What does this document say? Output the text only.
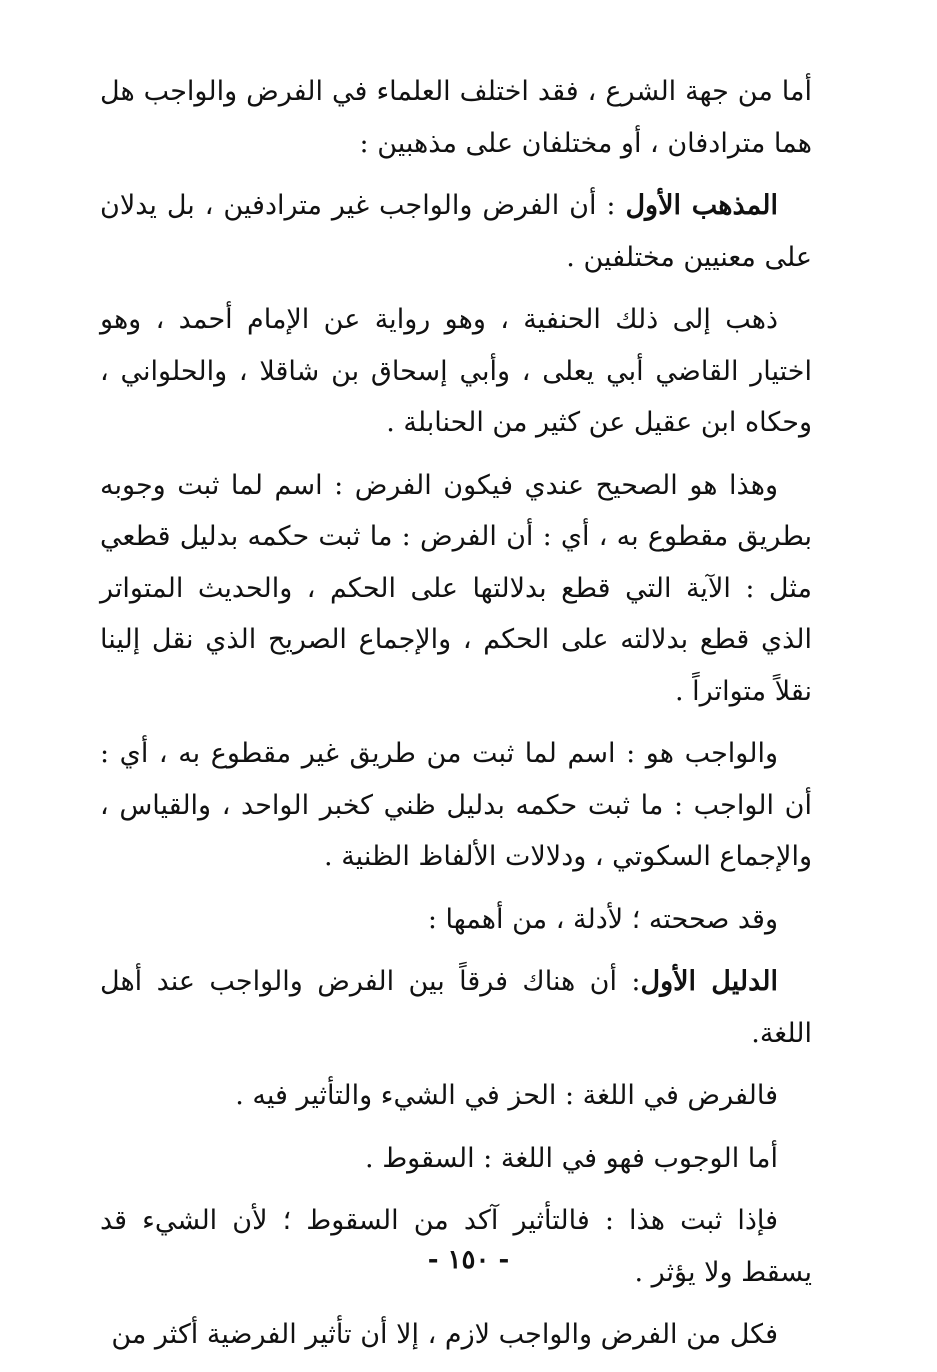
أما من جهة الشرع ، فقد اختلف العلماء في الفرض والواجب هل هما مترادفان ، أو مختلفان على مذهبين :

المذهب الأول : أن الفرض والواجب غير مترادفين ، بل يدلان على معنيين مختلفين .

ذهب إلى ذلك الحنفية ، وهو رواية عن الإمام أحمد ، وهو اختيار القاضي أبي يعلى ، وأبي إسحاق بن شاقلا ، والحلواني ، وحكاه ابن عقيل عن كثير من الحنابلة .

وهذا هو الصحيح عندي فيكون الفرض : اسم لما ثبت وجوبه بطريق مقطوع به ، أي : أن الفرض : ما ثبت حكمه بدليل قطعي مثل : الآية التي قطع بدلالتها على الحكم ، والحديث المتواتر الذي قطع بدلالته على الحكم ، والإجماع الصريح الذي نقل إلينا نقلاً متواتراً .

والواجب هو : اسم لما ثبت من طريق غير مقطوع به ، أي : أن الواجب : ما ثبت حكمه بدليل ظني كخبر الواحد ، والقياس ، والإجماع السكوتي ، ودلالات الألفاظ الظنية .

وقد صححته ؛ لأدلة ، من أهمها :

الدليل الأول: أن هناك فرقاً بين الفرض والواجب عند أهل اللغة.

فالفرض في اللغة : الحز في الشيء والتأثير فيه .

أما الوجوب فهو في اللغة : السقوط .

فإذا ثبت هذا : فالتأثير آكد من السقوط ؛ لأن الشيء قد يسقط ولا يؤثر .

فكل من الفرض والواجب لازم ، إلا أن تأثير الفرضية أكثر من

- ١٥٠ -
